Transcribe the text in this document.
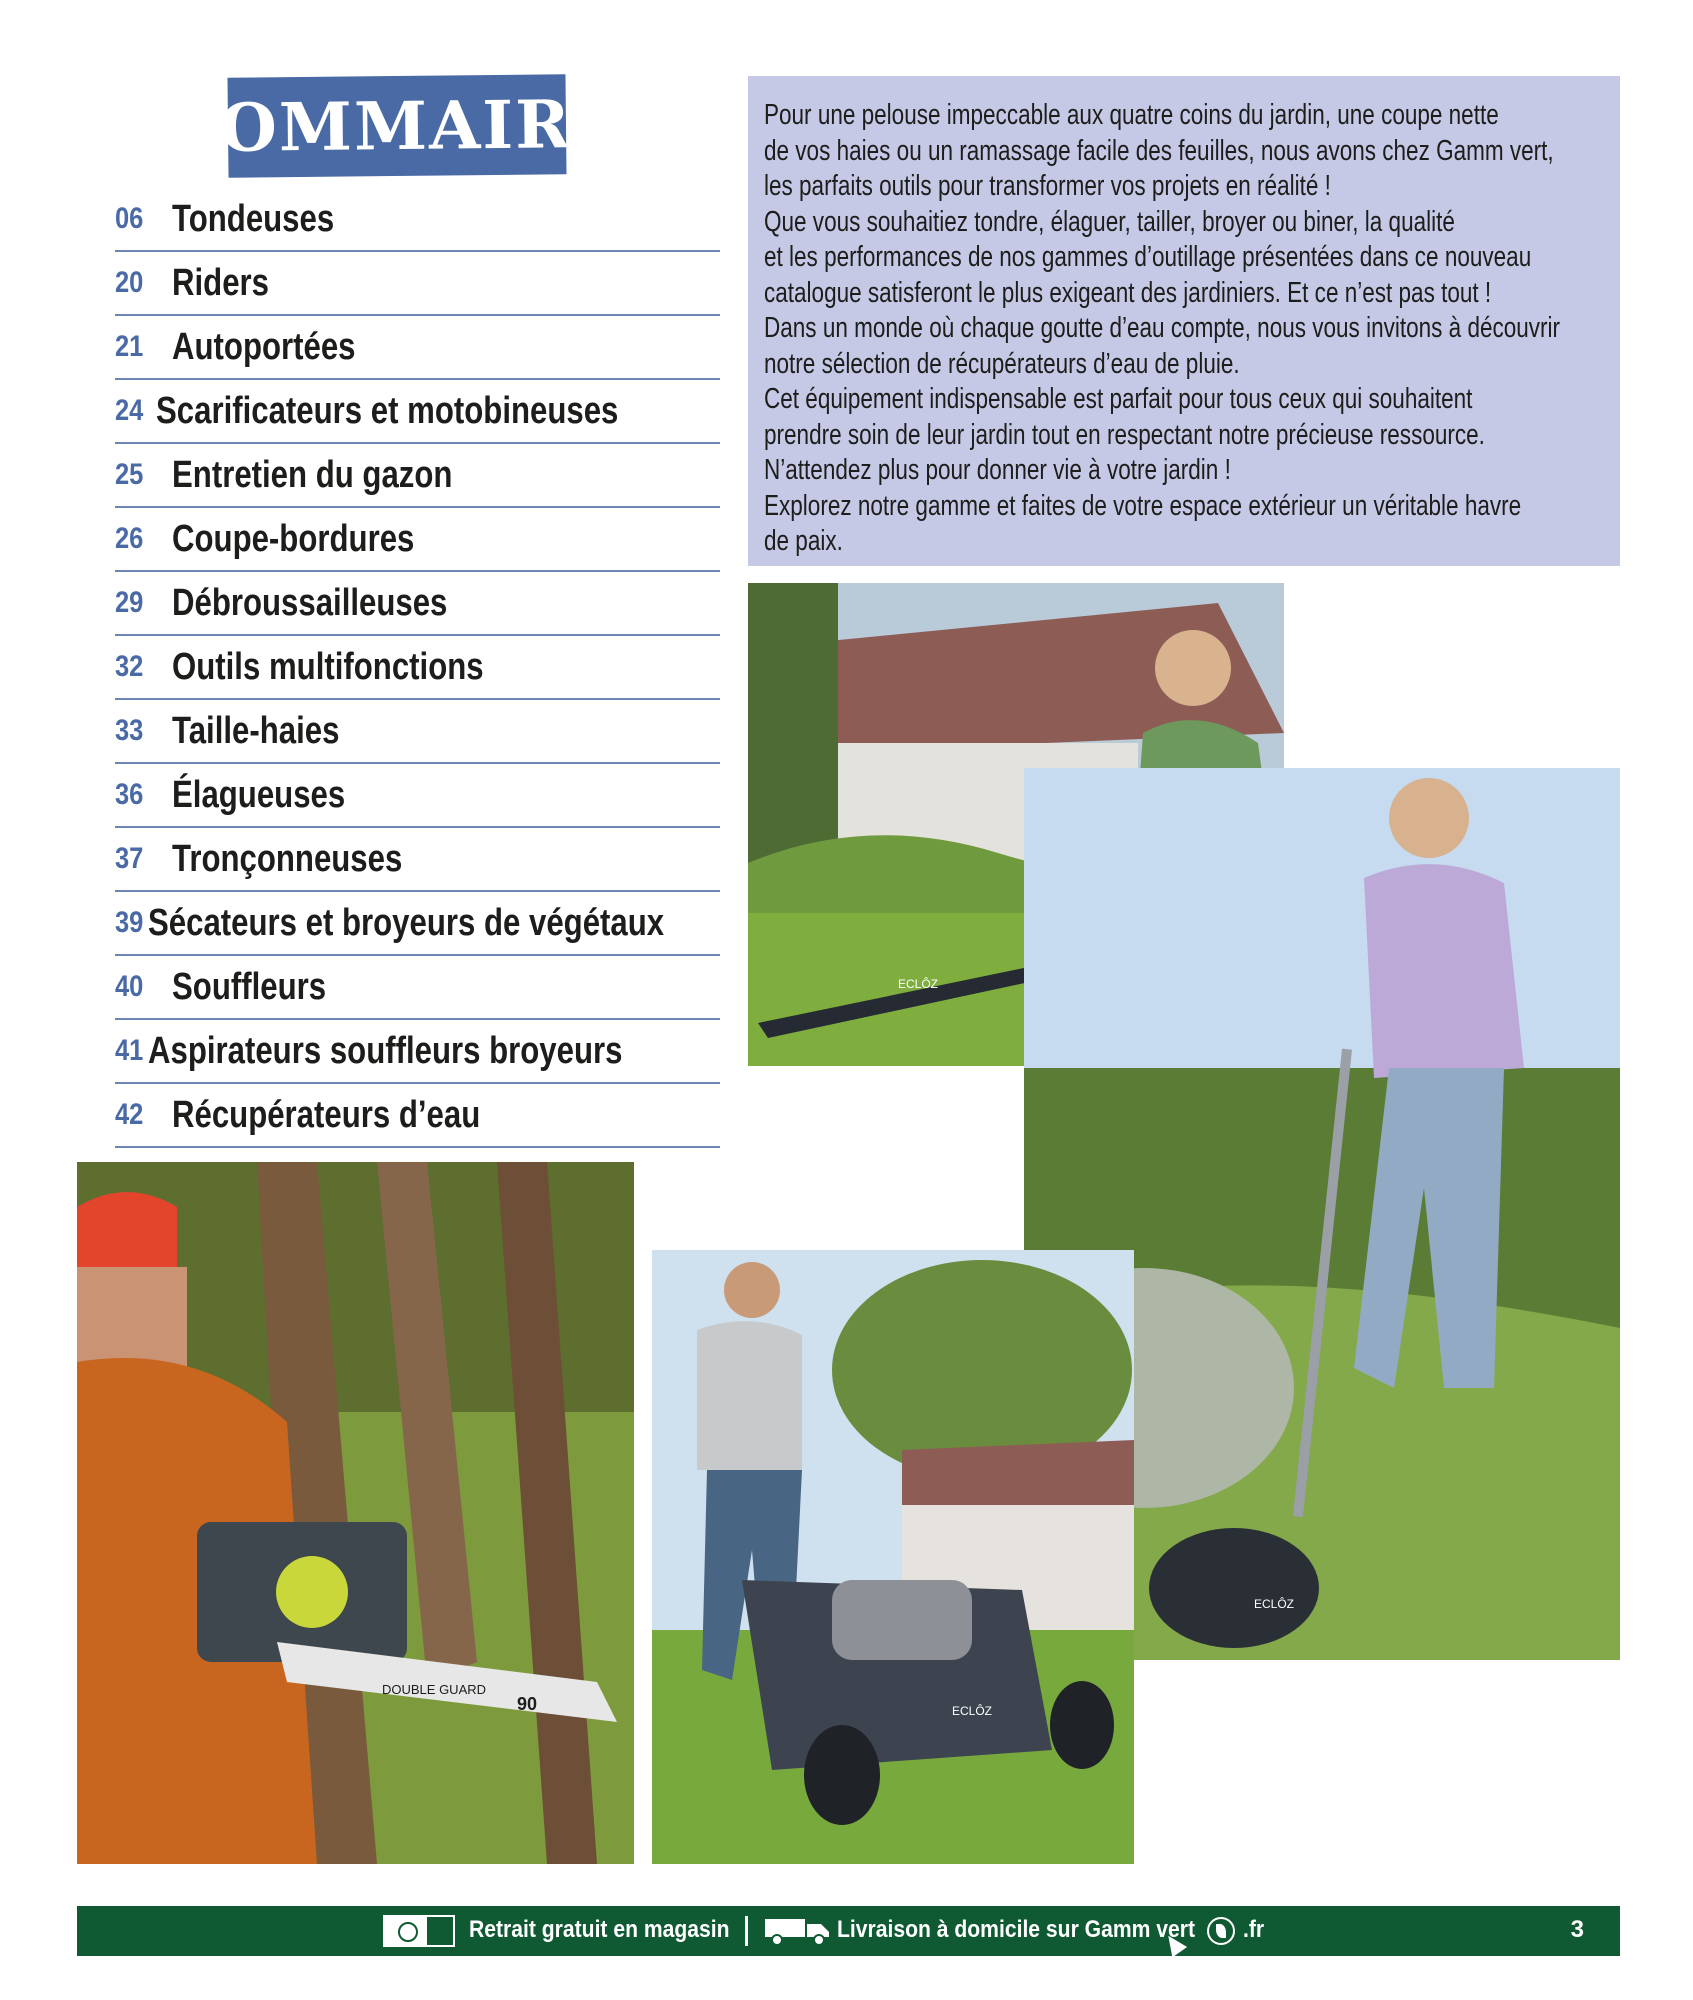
SOMMAIRE
06 Tondeuses
20 Riders
21 Autoportées
24 Scarificateurs et motobineuses
25 Entretien du gazon
26 Coupe-bordures
29 Débroussailleuses
32 Outils multifonctions
33 Taille-haies
36 Élagueuses
37 Tronçonneuses
39 Sécateurs et broyeurs de végétaux
40 Souffleurs
41 Aspirateurs souffleurs broyeurs
42 Récupérateurs d’eau

Pour une pelouse impeccable aux quatre coins du jardin, une coupe nette

de vos haies ou un ramassage facile des feuilles, nous avons chez Gamm vert,

les parfaits outils pour transformer vos projets en réalité !

Que vous souhaitiez tondre, élaguer, tailler, broyer ou biner, la qualité

et les performances de nos gammes d’outillage présentées dans ce nouveau

catalogue satisferont le plus exigeant des jardiniers. Et ce n’est pas tout !

Dans un monde où chaque goutte d’eau compte, nous vous invitons à découvrir

notre sélection de récupérateurs d’eau de pluie.

Cet équipement indispensable est parfait pour tous ceux qui souhaitent

prendre soin de leur jardin tout en respectant notre précieuse ressource.

N’attendez plus pour donner vie à votre jardin !

Explorez notre gamme et faites de votre espace extérieur un véritable havre

de paix.

ECLÔZ
ECLÔZ
DOUBLE GUARD
90	ECLÔZ
Retrait gratuit en magasin	Livraison à domicile sur Gamm vert .fr	3
